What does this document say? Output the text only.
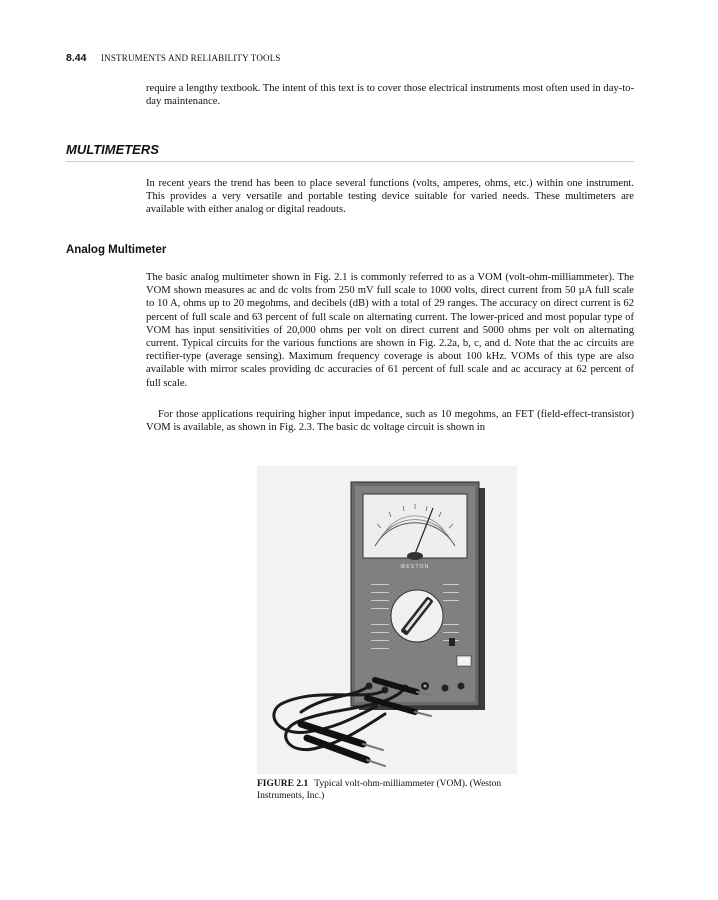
8.44 INSTRUMENTS AND RELIABILITY TOOLS

require a lengthy textbook. The intent of this text is to cover those electrical instruments most often used in day-to-day maintenance.

MULTIMETERS

In recent years the trend has been to place several functions (volts, amperes, ohms, etc.) within one instrument. This provides a very versatile and portable testing device suitable for varied needs. These multimeters are available with either analog or digital readouts.

Analog Multimeter

The basic analog multimeter shown in Fig. 2.1 is commonly referred to as a VOM (volt-ohm-milliammeter). The VOM shown measures ac and dc volts from 250 mV full scale to 1000 volts, direct current from 50 µA full scale to 10 A, ohms up to 20 megohms, and decibels (dB) with a total of 29 ranges. The accuracy on direct current is 62 percent of full scale and 63 percent of full scale on alternating current. The lower-priced and most popular type of VOM has input sensitivities of 20,000 ohms per volt on direct current and 5000 ohms per volt on alternating current. Typical circuits for the various functions are shown in Fig. 2.2a, b, c, and d. Note that the ac circuits are rectifier-type (average sensing). Maximum frequency coverage is about 100 kHz. VOMs of this type are also available with mirror scales providing dc accuracies of 61 percent of full scale and ac accuracy at 62 percent of full scale.

For those applications requiring higher input impedance, such as 10 megohms, an FET (field-effect-transistor) VOM is available, as shown in Fig. 2.3. The basic dc voltage circuit is shown in

WESTON
FIGURE 2.1 Typical volt-ohm-milliammeter (VOM). (Weston Instruments, Inc.)
